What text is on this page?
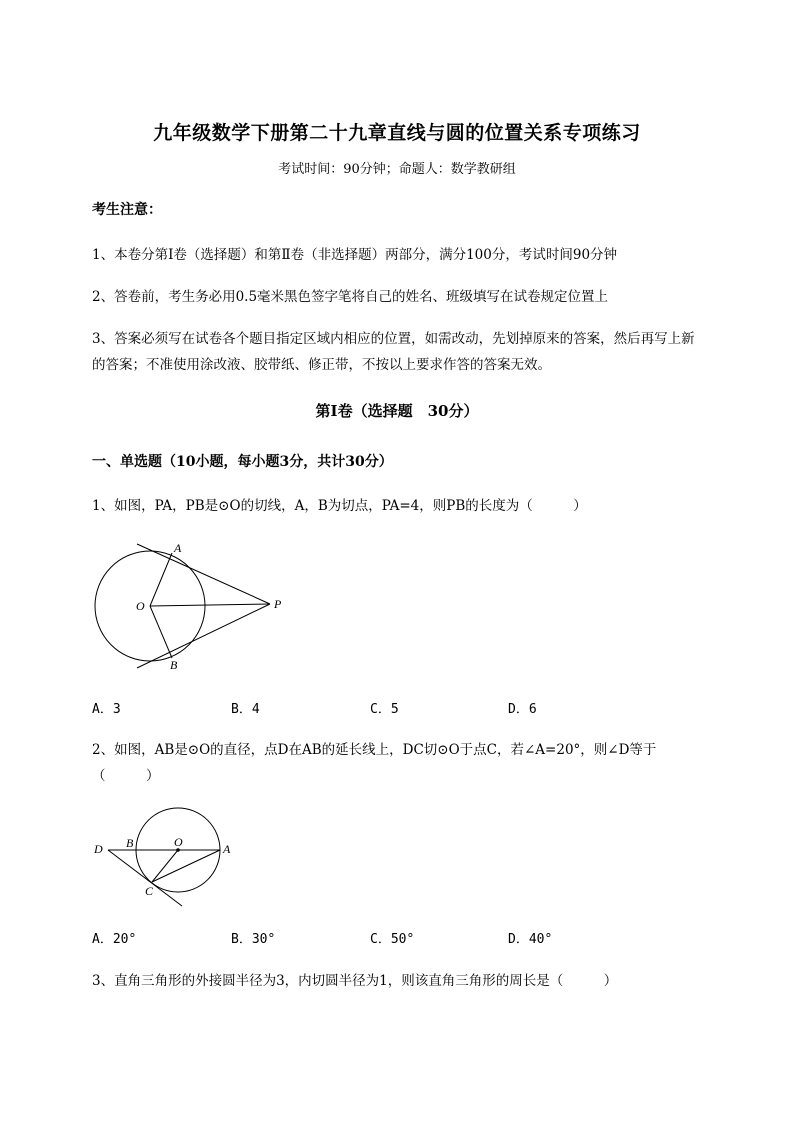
九年级数学下册第二十九章直线与圆的位置关系专项练习
考试时间：90分钟；命题人：数学教研组
考生注意：
1、本卷分第I卷（选择题）和第Ⅱ卷（非选择题）两部分，满分100分，考试时间90分钟
2、答卷前，考生务必用0.5毫米黑色签字笔将自己的姓名、班级填写在试卷规定位置上
3、答案必须写在试卷各个题目指定区域内相应的位置，如需改动，先划掉原来的答案，然后再写上新
的答案；不准使用涂改液、胶带纸、修正带，不按以上要求作答的答案无效。
第I卷（选择题　30分）
一、单选题（10小题，每小题3分，共计30分）
1、如图，PA，PB是⊙O的切线，A，B为切点，PA=4，则PB的长度为（　　　）
A
B
O	P
A．3	B．4	C．5	D．6
2、如图，AB是⊙O的直径，点D在AB的延长线上，DC切⊙O于点C，若∠A=20°，则∠D等于
（　　　）
D B	O	A
C
A．20°	B．30°	C．50°	D．40°
3、直角三角形的外接圆半径为3，内切圆半径为1，则该直角三角形的周长是（　　　）
